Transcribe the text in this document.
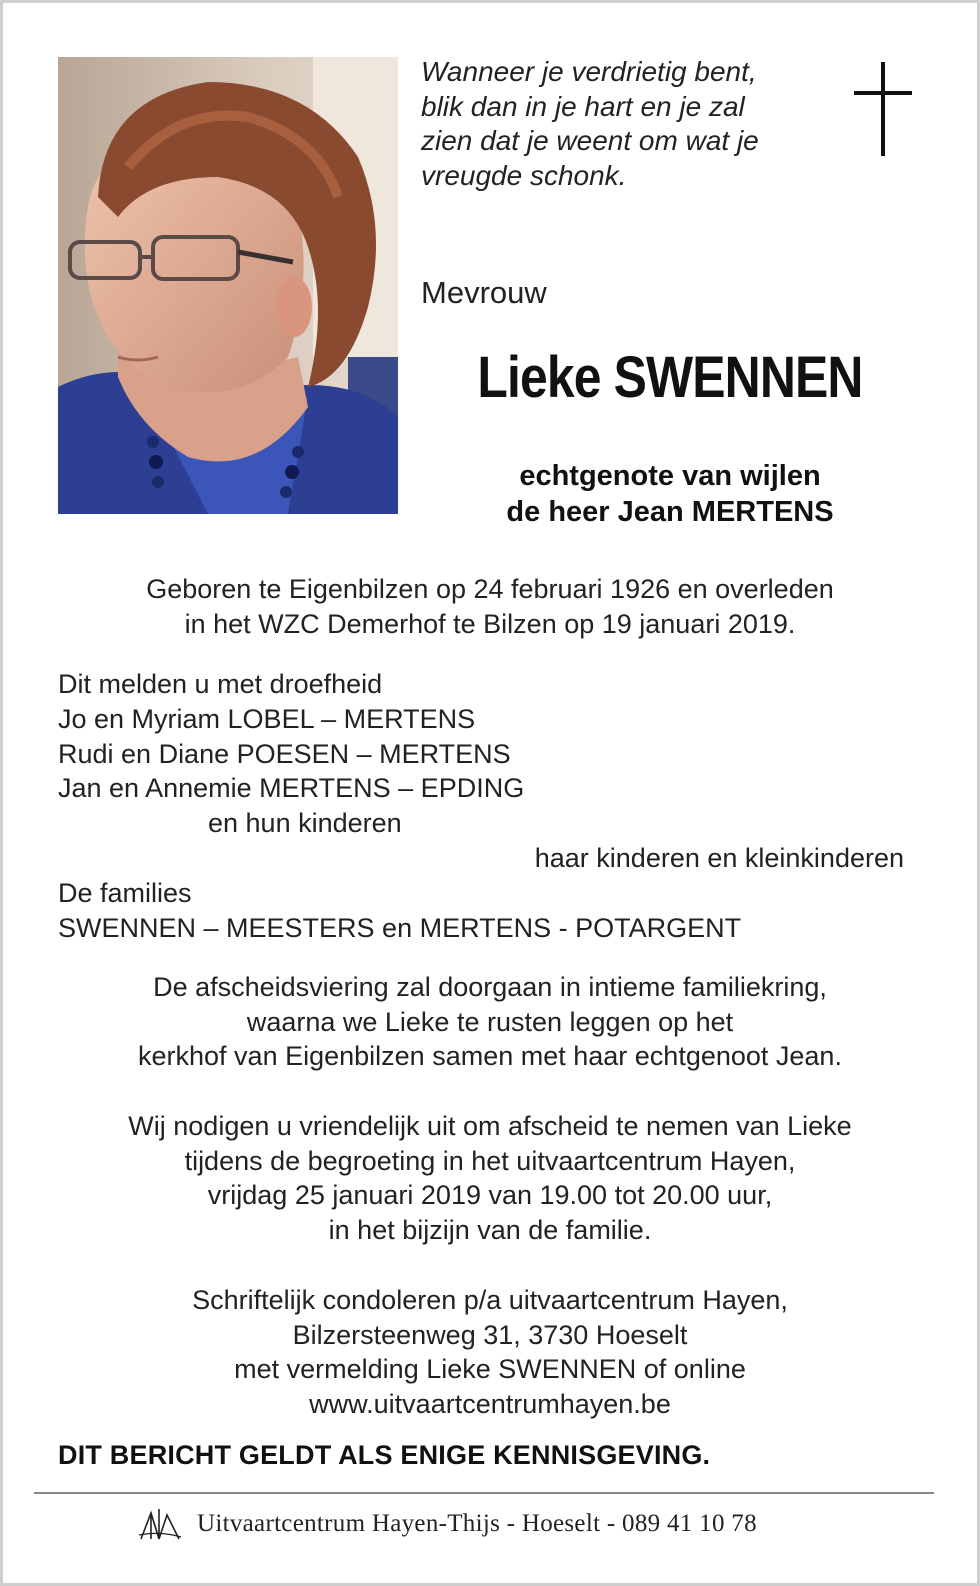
Wanneer je verdrietig bent,
blik dan in je hart en je zal
zien dat je weent om wat je
vreugde schonk.
Mevrouw
Lieke SWENNEN
echtgenote van wijlen
de heer Jean MERTENS
Geboren te Eigenbilzen op 24 februari 1926 en overleden
in het WZC Demerhof te Bilzen op 19 januari 2019.
Dit melden u met droefheid
Jo en Myriam LOBEL – MERTENS
Rudi en Diane POESEN – MERTENS
Jan en Annemie MERTENS – EPDING
en hun kinderen
haar kinderen en kleinkinderen
De families
SWENNEN – MEESTERS en MERTENS - POTARGENT
De afscheidsviering zal doorgaan in intieme familiekring,
waarna we Lieke te rusten leggen op het
kerkhof van Eigenbilzen samen met haar echtgenoot Jean.
Wij nodigen u vriendelijk uit om afscheid te nemen van Lieke
tijdens de begroeting in het uitvaartcentrum Hayen,
vrijdag 25 januari 2019 van 19.00 tot 20.00 uur,
in het bijzijn van de familie.
Schriftelijk condoleren p/a uitvaartcentrum Hayen,
Bilzersteenweg 31, 3730 Hoeselt
met vermelding Lieke SWENNEN of online
www.uitvaartcentrumhayen.be
DIT BERICHT GELDT ALS ENIGE KENNISGEVING.
Uitvaartcentrum Hayen-Thijs - Hoeselt - 089 41 10 78
